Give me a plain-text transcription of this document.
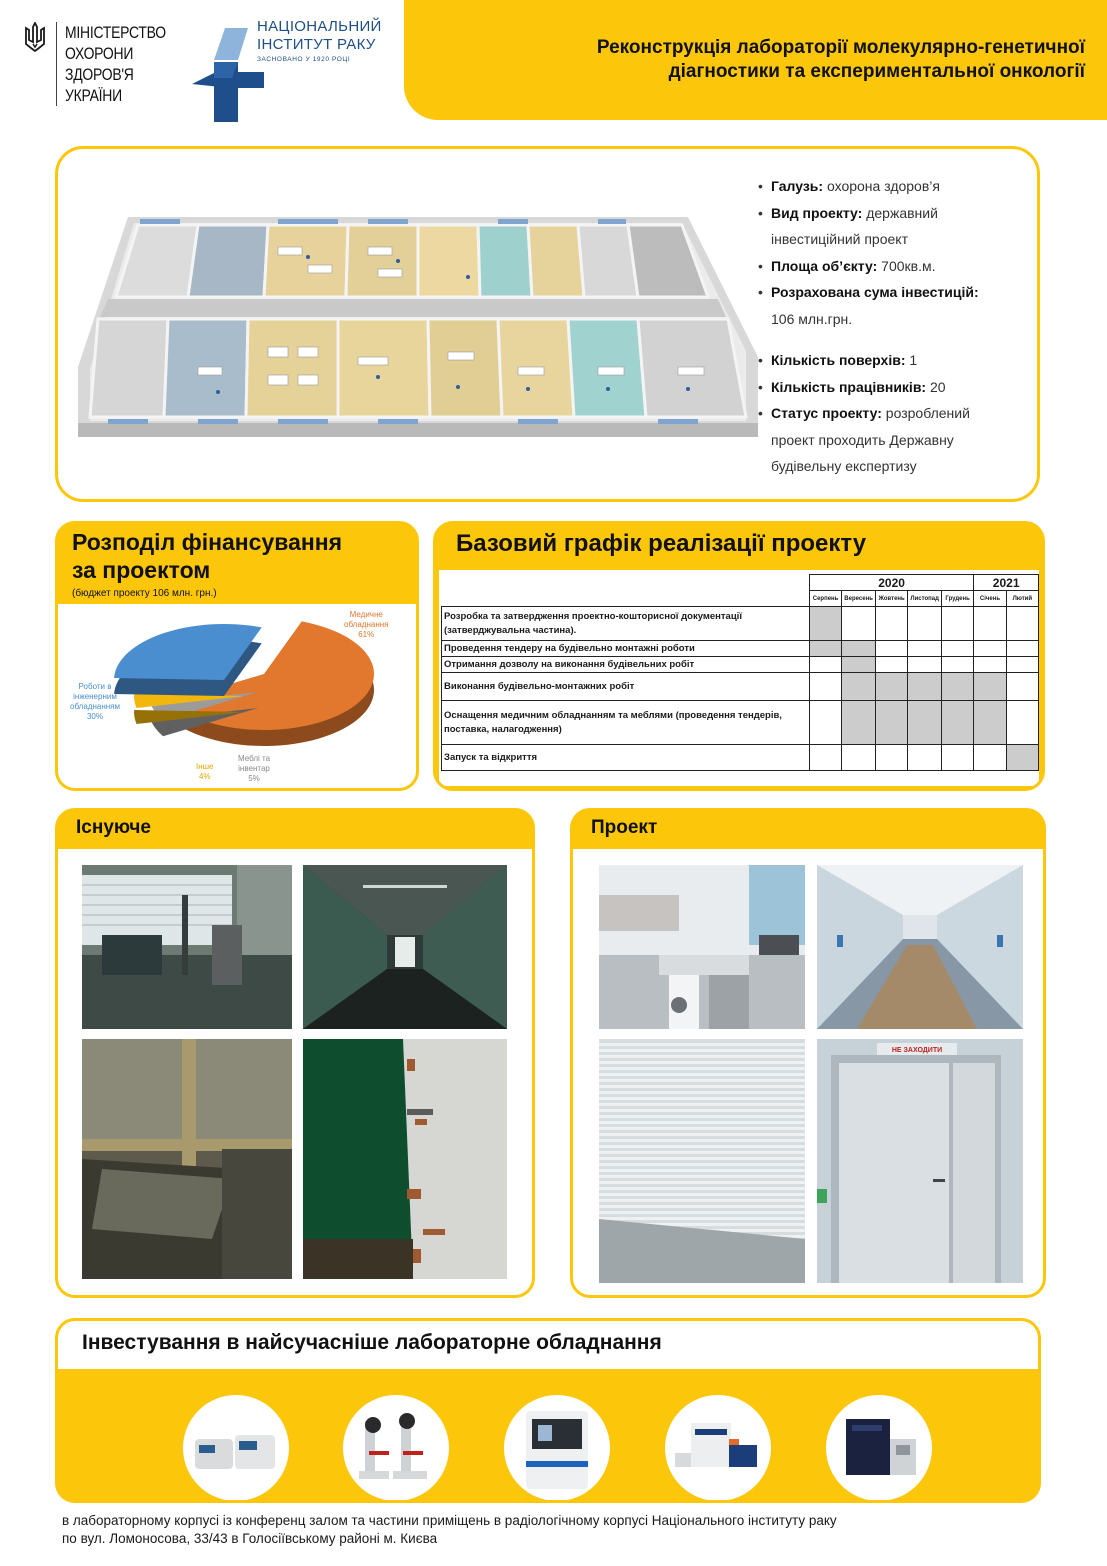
МІНІСТЕРСТВО
ОХОРОНИ
ЗДОРОВ'Я
УКРАЇНИ
НАЦІОНАЛЬНИЙ
ІНСТИТУТ РАКУ
ЗАСНОВАНО У 1920 РОЦІ
Реконструкція лабораторії молекулярно-генетичної
діагностики та експериментальної онкології
• Галузь: охорона здоров’я
• Вид проекту: державний
інвестиційний проект
• Площа об’єкту: 700кв.м.
• Розрахована сума інвестицій:
106 млн.грн.
• Кількість поверхів: 1
• Кількість працівників: 20
• Статус проекту: розроблений
проект проходить Державну
будівельну експертизу
Розподіл фінансування
за проектом
(бюджет проекту 106 млн. грн.)
Медичне
обладнання
61%
Меблі та
інвентар
5%
Інше
4%
Роботи в
інженерним
обладнанням
30%
Базовий графік реалізації проекту
	2020					2021	
	Серпень	Вересень	Жовтень	Листопад	Грудень	Січень	Лютий

Розробка та затвердження проектно-кошторисної документації
(затверджувальна частина).							

Проведення тендеру на будівельно монтажні роботи							

Отримання дозволу на виконання будівельних робіт							

Виконання будівельно-монтажних робіт							

Оснащення медичним обладнанням та меблями (проведення тендерів,
поставка, налагодження)							

Запуск та відкриття							

Існуюче	Проект
НЕ ЗАХОДИТИ
Інвестування в найсучасніше лабораторне обладнання
в лабораторному корпусі із конференц залом та частини приміщень в радіологічному корпусі Національного інституту раку
по вул. Ломоносова, 33/43 в Голосіївському районі м. Києва
